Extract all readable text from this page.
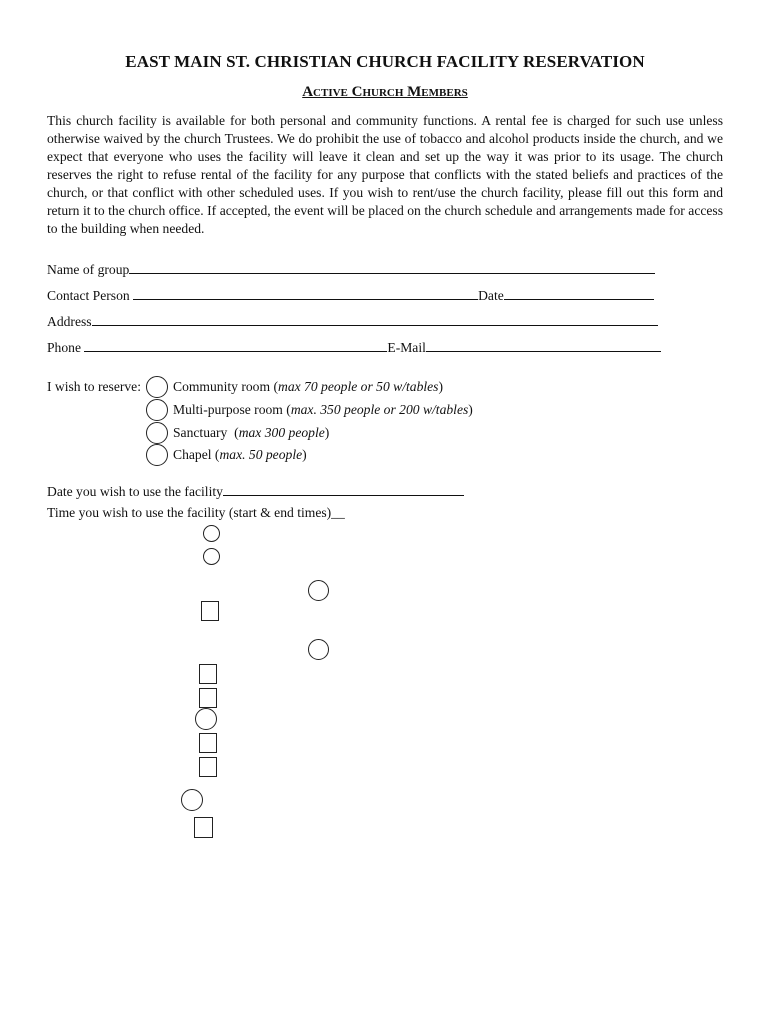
EAST MAIN ST. CHRISTIAN CHURCH FACILITY RESERVATION
Active Church Members

This church facility is available for both personal and community functions. A rental fee is charged for such use unless otherwise waived by the church Trustees. We do prohibit the use of tobacco and alcohol products inside the church, and we expect that everyone who uses the facility will leave it clean and set up the way it was prior to its usage. The church reserves the right to refuse rental of the facility for any purpose that conflicts with the stated beliefs and practices of the church, or that conflict with other scheduled uses. If you wish to rent/use the church facility, please fill out this form and return it to the church office. If accepted, the event will be placed on the church schedule and arrangements made for access to the building when needed.

Name of group
Contact Person	Date
Address
Phone	E-Mail
I wish to reserve: Community room (max 70 people or 50 w/tables)
Multi-purpose room (max. 350 people or 200 w/tables)
Sanctuary  (max 300 people)
Chapel (max. 50 people)
Date you wish to use the facility
Time you wish to use the facility (start & end times)__
